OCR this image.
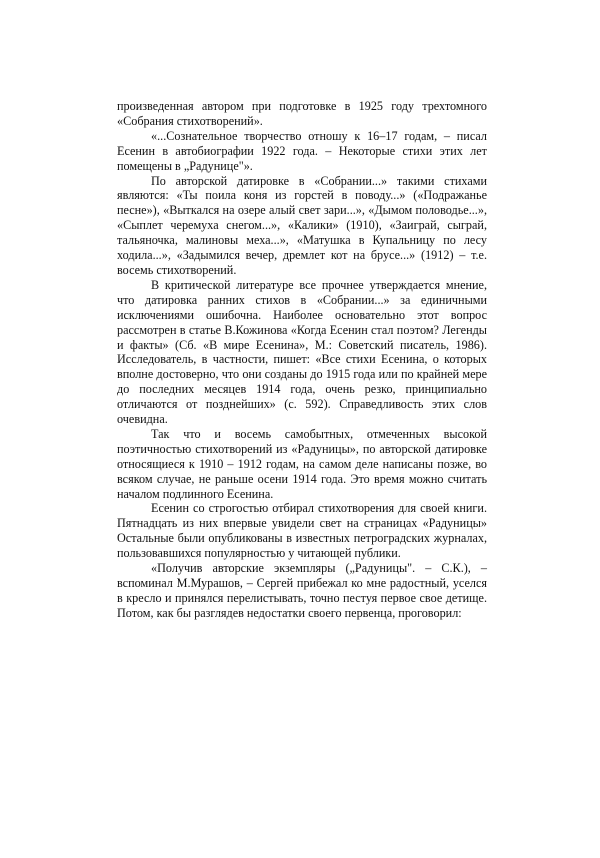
произведенная автором при подготовке в 1925 году трехтомного «Собрания стихотворений».

«...Сознательное творчество отношу к 16–17 годам, – писал Есенин в автобиографии 1922 года. – Некоторые стихи этих лет помещены в „Радунице"».

По авторской датировке в «Собрании...» такими стихами являются: «Ты поила коня из горстей в поводу...» («Подражанье песне»), «Выткался на озере алый свет зари...», «Дымом половодье...», «Сыплет черемуха снегом...», «Калики» (1910), «Заиграй, сыграй, тальяночка, малиновы меха...», «Матушка в Купальницу по лесу ходила...», «Задымился вечер, дремлет кот на брусе...» (1912) – т.е. восемь стихотворений.

В критической литературе все прочнее утверждается мнение, что датировка ранних стихов в «Собрании...» за единичными исключениями ошибочна. Наиболее основательно этот вопрос рассмотрен в статье В.Кожинова «Когда Есенин стал поэтом? Легенды и факты» (Сб. «В мире Есенина», М.: Советский писатель, 1986). Исследователь, в частности, пишет: «Все стихи Есенина, о которых вполне достоверно, что они созданы до 1915 года или по крайней мере до последних месяцев 1914 года, очень резко, принципиально отличаются от позднейших» (с. 592). Справедливость этих слов очевидна.

Так что и восемь самобытных, отмеченных высокой поэтичностью стихотворений из «Радуницы», по авторской датировке относящиеся к 1910 – 1912 годам, на самом деле написаны позже, во всяком случае, не раньше осени 1914 года. Это время можно считать началом подлинного Есенина.

Есенин со строгостью отбирал стихотворения для своей книги. Пятнадцать из них впервые увидели свет на страницах «Радуницы» Остальные были опубликованы в известных петроградских журналах, пользовавшихся популярностью у читающей публики.

«Получив авторские экземпляры („Радуницы". – С.К.), –вспоминал М.Мурашов, – Сергей прибежал ко мне радостный, уселся в кресло и принялся перелистывать, точно пестуя первое свое детище. Потом, как бы разглядев недостатки своего первенца, проговорил:
